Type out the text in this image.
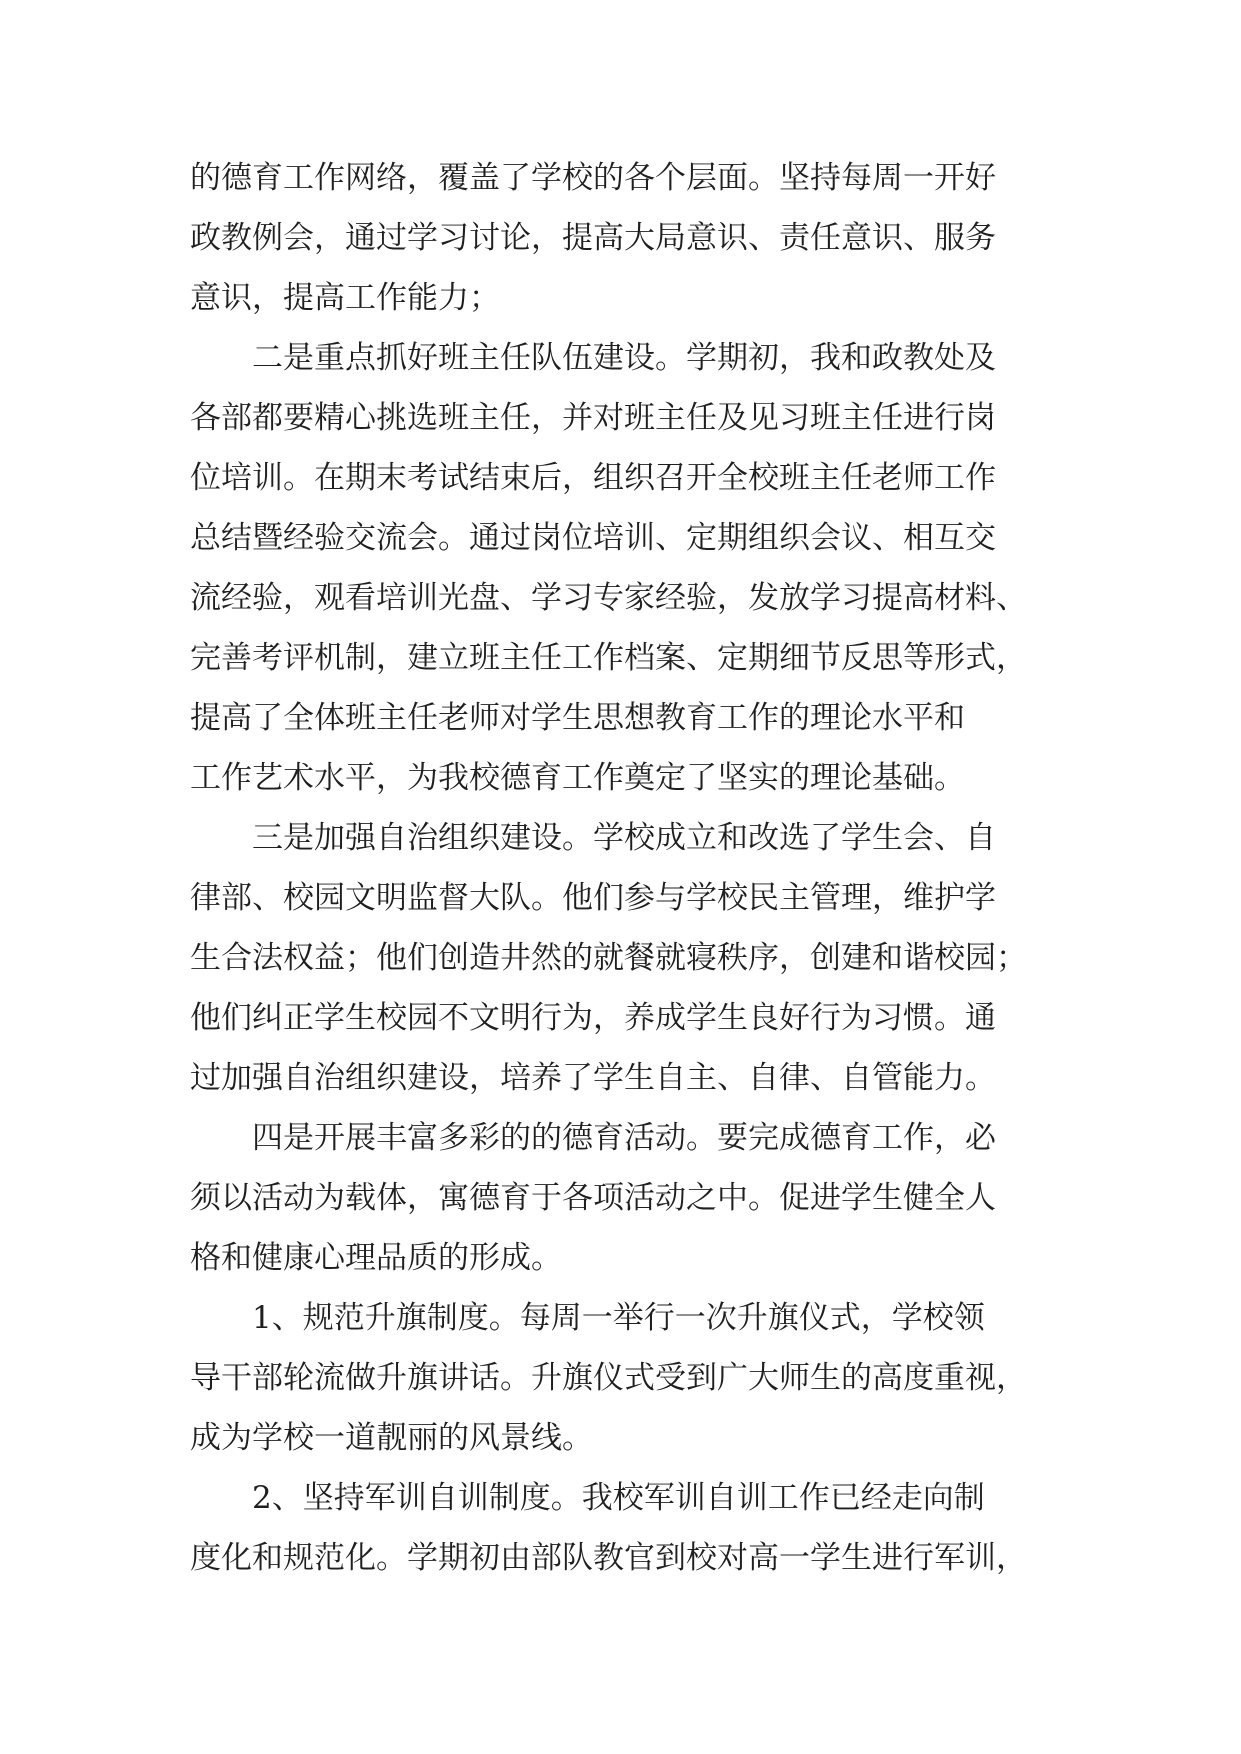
的德育工作网络，覆盖了学校的各个层面。坚持每周一开好
政教例会，通过学习讨论，提高大局意识、责任意识、服务
意识，提高工作能力；
二是重点抓好班主任队伍建设。学期初，我和政教处及
各部都要精心挑选班主任，并对班主任及见习班主任进行岗
位培训。在期末考试结束后，组织召开全校班主任老师工作
总结暨经验交流会。通过岗位培训、定期组织会议、相互交
流经验，观看培训光盘、学习专家经验，发放学习提高材料、
完善考评机制，建立班主任工作档案、定期细节反思等形式，
提高了全体班主任老师对学生思想教育工作的理论水平和
工作艺术水平，为我校德育工作奠定了坚实的理论基础。
三是加强自治组织建设。学校成立和改选了学生会、自
律部、校园文明监督大队。他们参与学校民主管理，维护学
生合法权益；他们创造井然的就餐就寝秩序，创建和谐校园；
他们纠正学生校园不文明行为，养成学生良好行为习惯。通
过加强自治组织建设，培养了学生自主、自律、自管能力。
四是开展丰富多彩的的德育活动。要完成德育工作，必
须以活动为载体，寓德育于各项活动之中。促进学生健全人
格和健康心理品质的形成。
1、规范升旗制度。每周一举行一次升旗仪式，学校领
导干部轮流做升旗讲话。升旗仪式受到广大师生的高度重视，
成为学校一道靓丽的风景线。
2、坚持军训自训制度。我校军训自训工作已经走向制
度化和规范化。学期初由部队教官到校对高一学生进行军训，
